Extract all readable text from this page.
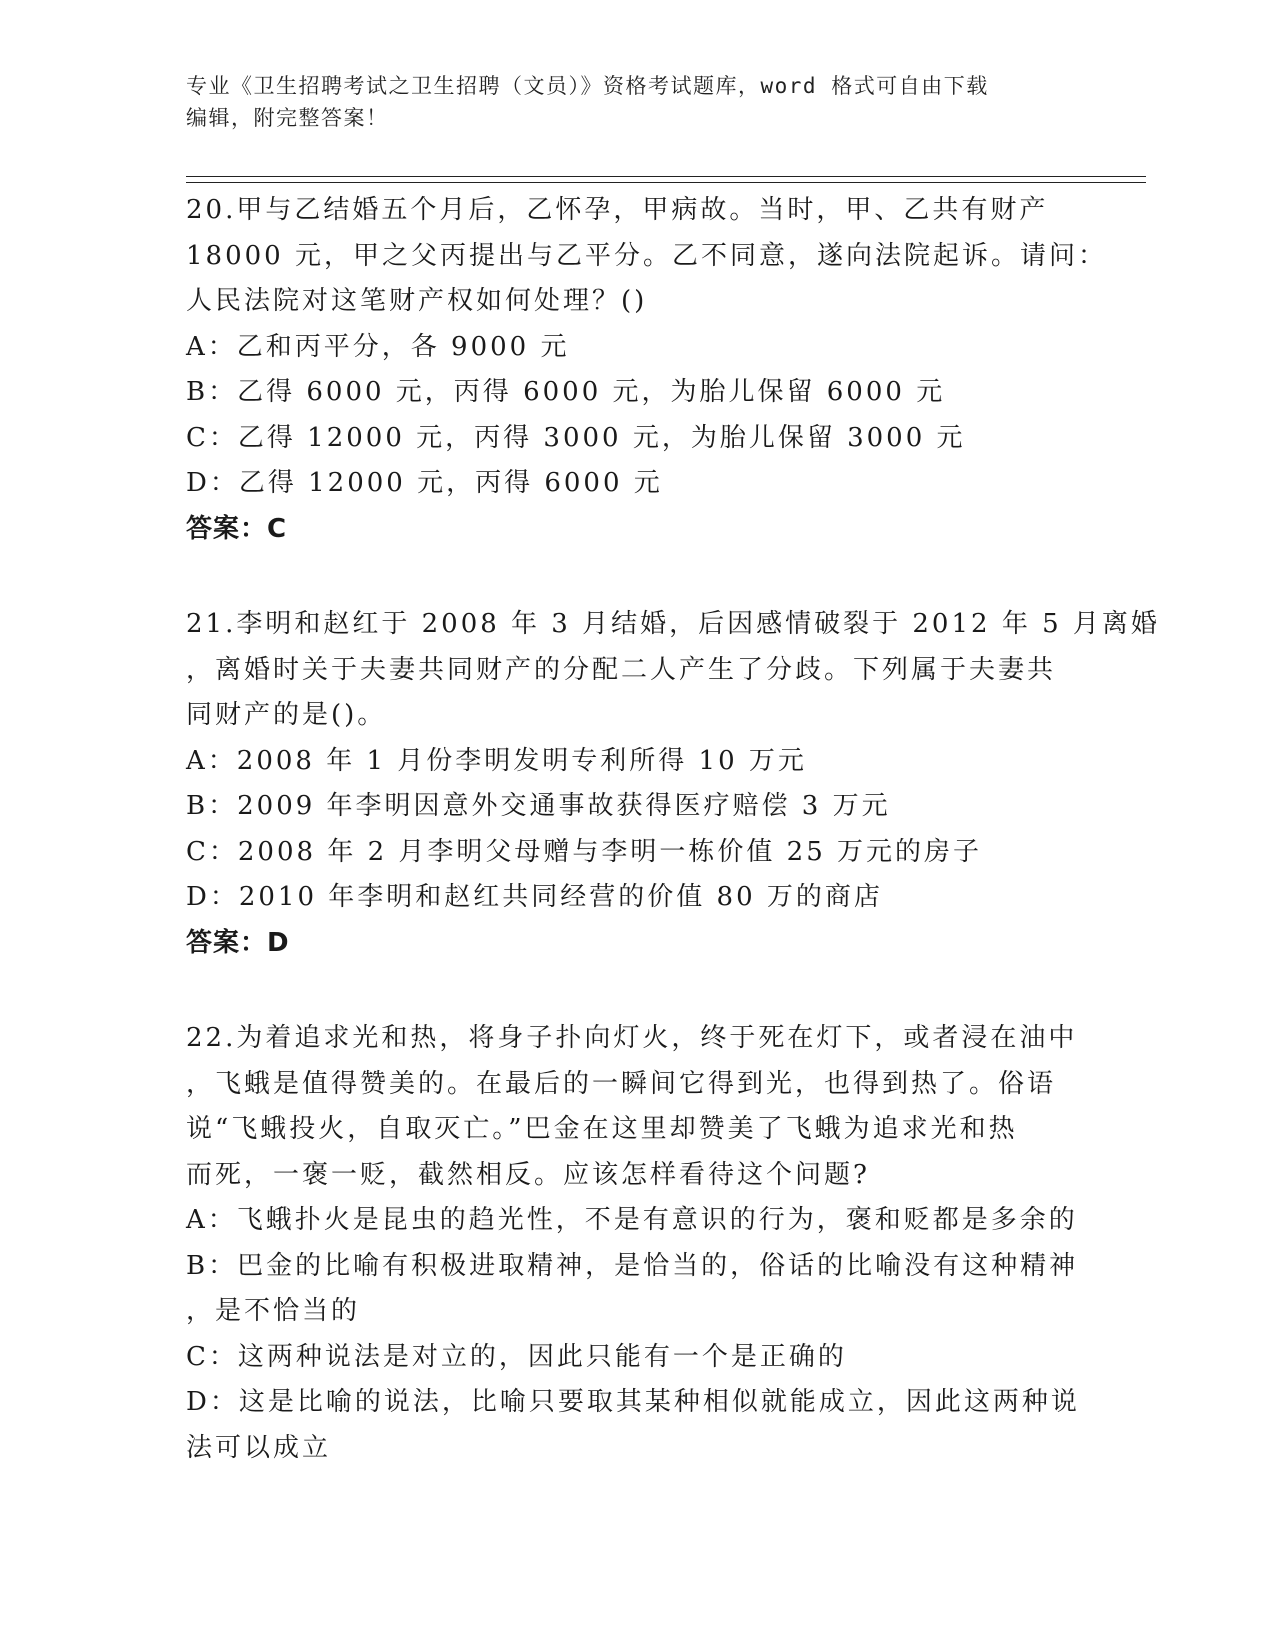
专业《卫生招聘考试之卫生招聘（文员）》资格考试题库，word 格式可自由下载
编辑，附完整答案！
20.甲与乙结婚五个月后，乙怀孕，甲病故。当时，甲、乙共有财产
18000 元，甲之父丙提出与乙平分。乙不同意，遂向法院起诉。请问：
人民法院对这笔财产权如何处理？()
A：乙和丙平分，各 9000 元
B：乙得 6000 元，丙得 6000 元，为胎儿保留 6000 元
C：乙得 12000 元，丙得 3000 元，为胎儿保留 3000 元
D：乙得 12000 元，丙得 6000 元
答案：C
21.李明和赵红于 2008 年 3 月结婚，后因感情破裂于 2012 年 5 月离婚
，离婚时关于夫妻共同财产的分配二人产生了分歧。下列属于夫妻共
同财产的是()。
A：2008 年 1 月份李明发明专利所得 10 万元
B：2009 年李明因意外交通事故获得医疗赔偿 3 万元
C：2008 年 2 月李明父母赠与李明一栋价值 25 万元的房子
D：2010 年李明和赵红共同经营的价值 80 万的商店
答案：D
22.为着追求光和热，将身子扑向灯火，终于死在灯下，或者浸在油中
，飞蛾是值得赞美的。在最后的一瞬间它得到光，也得到热了。俗语
说“飞蛾投火，自取灭亡。”巴金在这里却赞美了飞蛾为追求光和热
而死，一褒一贬，截然相反。应该怎样看待这个问题?
A：飞蛾扑火是昆虫的趋光性，不是有意识的行为，褒和贬都是多余的
B：巴金的比喻有积极进取精神，是恰当的，俗话的比喻没有这种精神
，是不恰当的
C：这两种说法是对立的，因此只能有一个是正确的
D：这是比喻的说法，比喻只要取其某种相似就能成立，因此这两种说
法可以成立
